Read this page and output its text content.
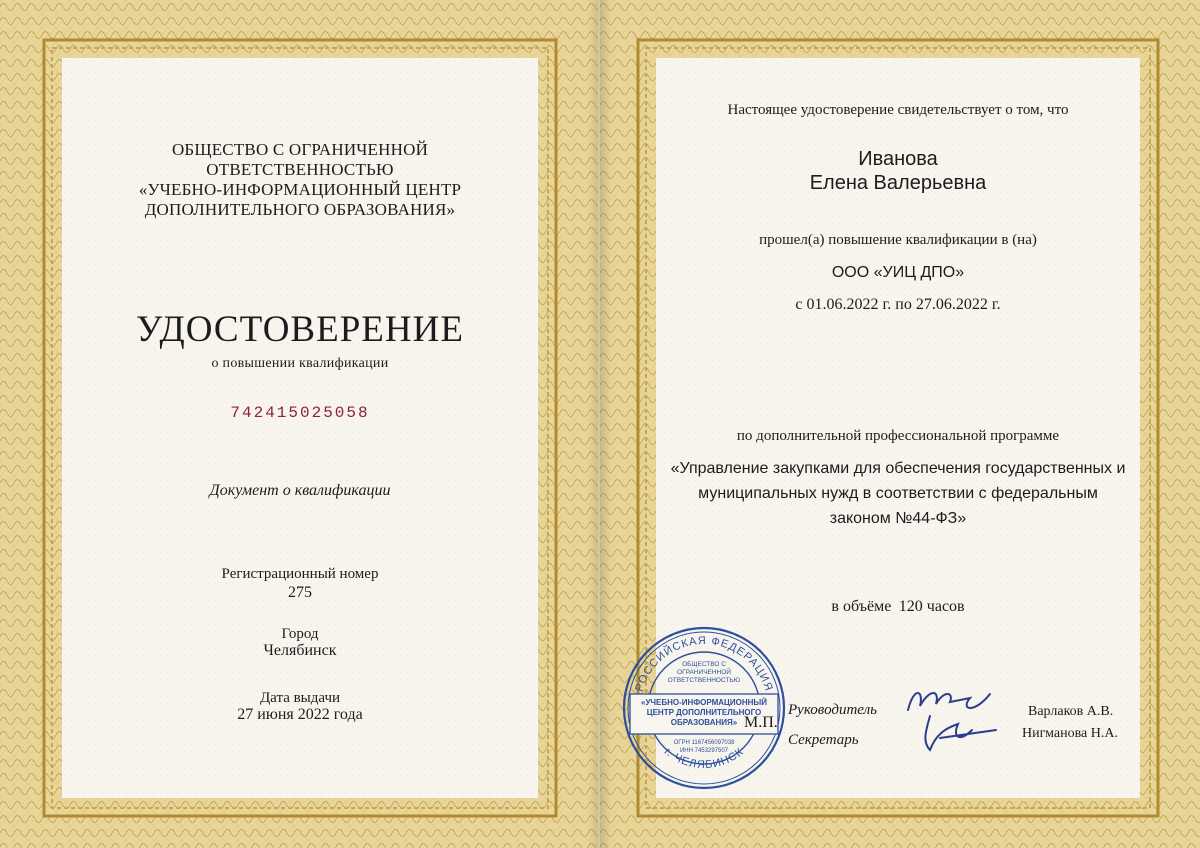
ОБЩЕСТВО С ОГРАНИЧЕННОЙ
ОТВЕТСТВЕННОСТЬЮ
«УЧЕБНО-ИНФОРМАЦИОННЫЙ ЦЕНТР
ДОПОЛНИТЕЛЬНОГО ОБРАЗОВАНИЯ»
УДОСТОВЕРЕНИЕ
о повышении квалификации
742415025058
Документ о квалификации
Регистрационный номер
275
Город
Челябинск
Дата выдачи
27 июня 2022 года
Настоящее удостоверение свидетельствует о том, что
Иванова
Елена Валерьевна
прошел(а) повышение квалификации в (на)
ООО «УИЦ ДПО»
с 01.06.2022 г. по 27.06.2022 г.
по дополнительной профессиональной программе
«Управление закупками для обеспечения государственных и
муниципальных нужд в соответствии с федеральным
законом №44-ФЗ»
в объёме 120 часов
РОССИЙСКАЯ ФЕДЕРАЦИЯ
г. ЧЕЛЯБИНСК
ОБЩЕСТВО С
ОГРАНИЧЕННОЙ
ОТВЕТСТВЕННОСТЬЮ
«УЧЕБНО-ИНФОРМАЦИОННЫЙ
ЦЕНТР ДОПОЛНИТЕЛЬНОГО
ОБРАЗОВАНИЯ»
ОГРН 1167456097038
ИНН 7453297507
М.П.
Руководитель
Секретарь
Варлаков А.В.
Нигманова Н.А.
